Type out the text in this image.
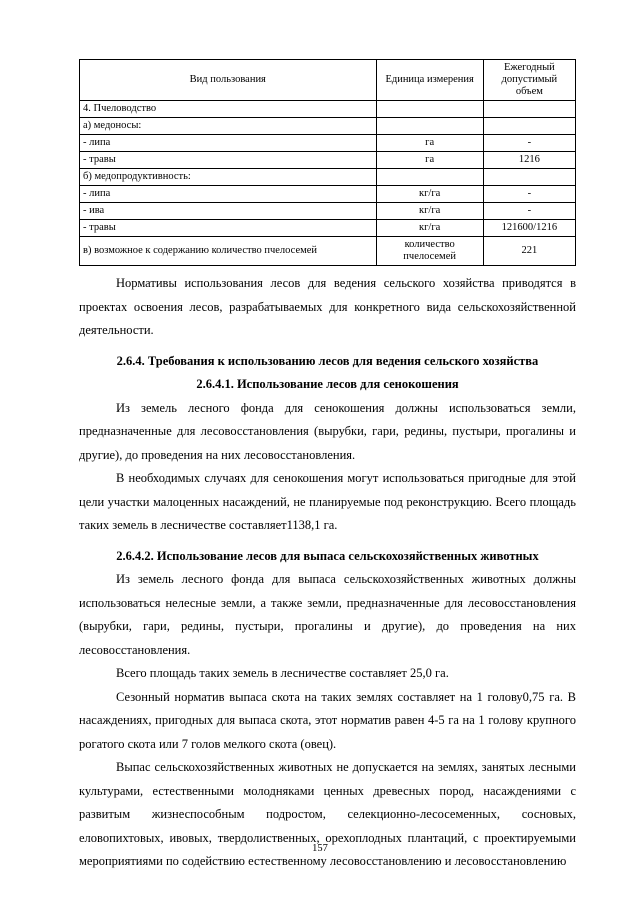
Вид пользования	Единица измерения	Ежегодный допустимый объем
4. Пчеловодство		
а) медоносы:		
- липа	га	-
- травы	га	1216
б) медопродуктивность:		
- липа	кг/га	-
- ива	кг/га	-
- травы	кг/га	121600/1216
в) возможное к содержанию количество пчелосемей	количество пчелосемей	221

Нормативы использования лесов для ведения сельского хозяйства приводятся в проектах освоения лесов, разрабатываемых для конкретного вида сельскохозяйственной деятельности.

2.6.4. Требования к использованию лесов для ведения сельского хозяйства

2.6.4.1. Использование лесов для сенокошения

Из земель лесного фонда для сенокошения должны использоваться земли, предназначенные для лесовосстановления (вырубки, гари, редины, пустыри, прогалины и другие), до проведения на них лесовосстановления.

В необходимых случаях для сенокошения могут использоваться пригодные для этой цели участки малоценных насаждений, не планируемые под реконструкцию. Всего площадь таких земель в лесничестве составляет1138,1 га.

2.6.4.2. Использование лесов для выпаса сельскохозяйственных животных

Из земель лесного фонда для выпаса сельскохозяйственных животных должны использоваться нелесные земли, а также земли, предназначенные для лесовосстановления (вырубки, гари, редины, пустыри, прогалины и другие), до проведения на них лесовосстановления.

Всего площадь таких земель в лесничестве составляет 25,0 га.

Сезонный норматив выпаса скота на таких землях составляет на 1 голову0,75 га. В насаждениях, пригодных для выпаса скота, этот норматив равен 4-5 га на 1 голову крупного рогатого скота или 7 голов мелкого скота (овец).

Выпас сельскохозяйственных животных не допускается на землях, занятых лесными культурами, естественными молодняками ценных древесных пород, насаждениями с развитым жизнеспособным подростом, селекционно-лесосеменных, сосновых, еловопихтовых, ивовых, твердолиственных, орехоплодных плантаций, с проектируемыми мероприятиями по содействию естественному лесовосстановлению и лесовосстановлению

157
